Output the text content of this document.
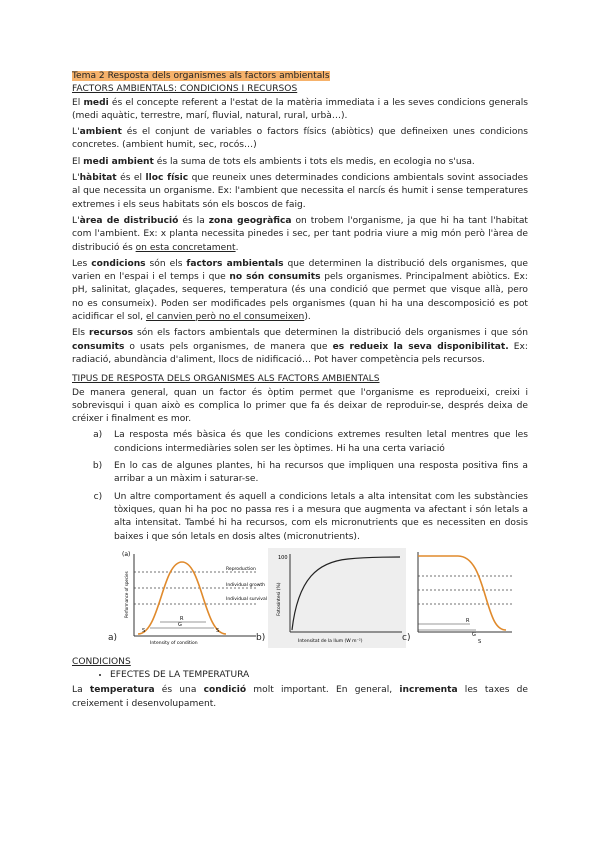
Tema 2 Resposta dels organismes als factors ambientals

FACTORS AMBIENTALS: CONDICIONS I RECURSOS

El medi és el concepte referent a l'estat de la matèria immediata i a les seves condicions generals (medi aquàtic, terrestre, marí, fluvial, natural, rural, urbà…).

L'ambient és el conjunt de variables o factors físics (abiòtics) que defineixen unes condicions concretes. (ambient humit, sec, rocós…)

El medi ambient és la suma de tots els ambients i tots els medis, en ecologia no s'usa.

L'hàbitat és el lloc físic que reuneix unes determinades condicions ambientals sovint associades al que necessita un organisme. Ex: l'ambient que necessita el narcís és humit i sense temperatures extremes i els seus habitats són els boscos de faig.

L'àrea de distribució és la zona geogràfica on trobem l'organisme, ja que hi ha tant l'habitat com l'ambient. Ex: x planta necessita pinedes i sec, per tant podria viure a mig món però l'àrea de distribució és on esta concretament.

Les condicions són els factors ambientals que determinen la distribució dels organismes, que varien en l'espai i el temps i que no són consumits pels organismes. Principalment abiòtics. Ex: pH, salinitat, glaçades, sequeres, temperatura (és una condició que permet que visque allà, pero no es consumeix). Poden ser modificades pels organismes (quan hi ha una descomposició es pot acidificar el sol, el canvien però no el consumeixen).

Els recursos són els factors ambientals que determinen la distribució dels organismes i que són consumits o usats pels organismes, de manera que es redueix la seva disponibilitat. Ex: radiació, abundància d'aliment, llocs de nidificació… Pot haver competència pels recursos.

TIPUS DE RESPOSTA DELS ORGANISMES ALS FACTORS AMBIENTALS

De manera general, quan un factor és òptim permet que l'organisme es reprodueixi, creixi i sobrevisqui i quan això es complica lo primer que fa és deixar de reproduir-se, després deixa de créixer i finalment es mor.

a. La resposta més bàsica és que les condicions extremes resulten letal mentres que les condicions intermediàries solen ser les òptimes. Hi ha una certa variació
b. En lo cas de algunes plantes, hi ha recursos que impliquen una resposta positiva fins a arribar a un màxim i saturar-se.
c. Un altre comportament és aquell a condicions letals a alta intensitat com les substàncies tòxiques, quan hi ha poc no passa res i a mesura que augmenta va afectant i són letals a alta intensitat. També hi ha recursos, com els micronutrients que es necessiten en dosis baixes i que són letals en dosis altes (micronutrients).
a)
(a)
Reproduction
Individual growth
Individual survival
R
G
S	S
Intensity of condition
Performance of species
b)
100
Fotosíntesi (%)
Intensitat de la llum (W m⁻²)	c)
R
G
S

CONDICIONS

• EFECTES DE LA TEMPERATURA

La temperatura és una condició molt important. En general, incrementa les taxes de creixement i desenvolupament.
